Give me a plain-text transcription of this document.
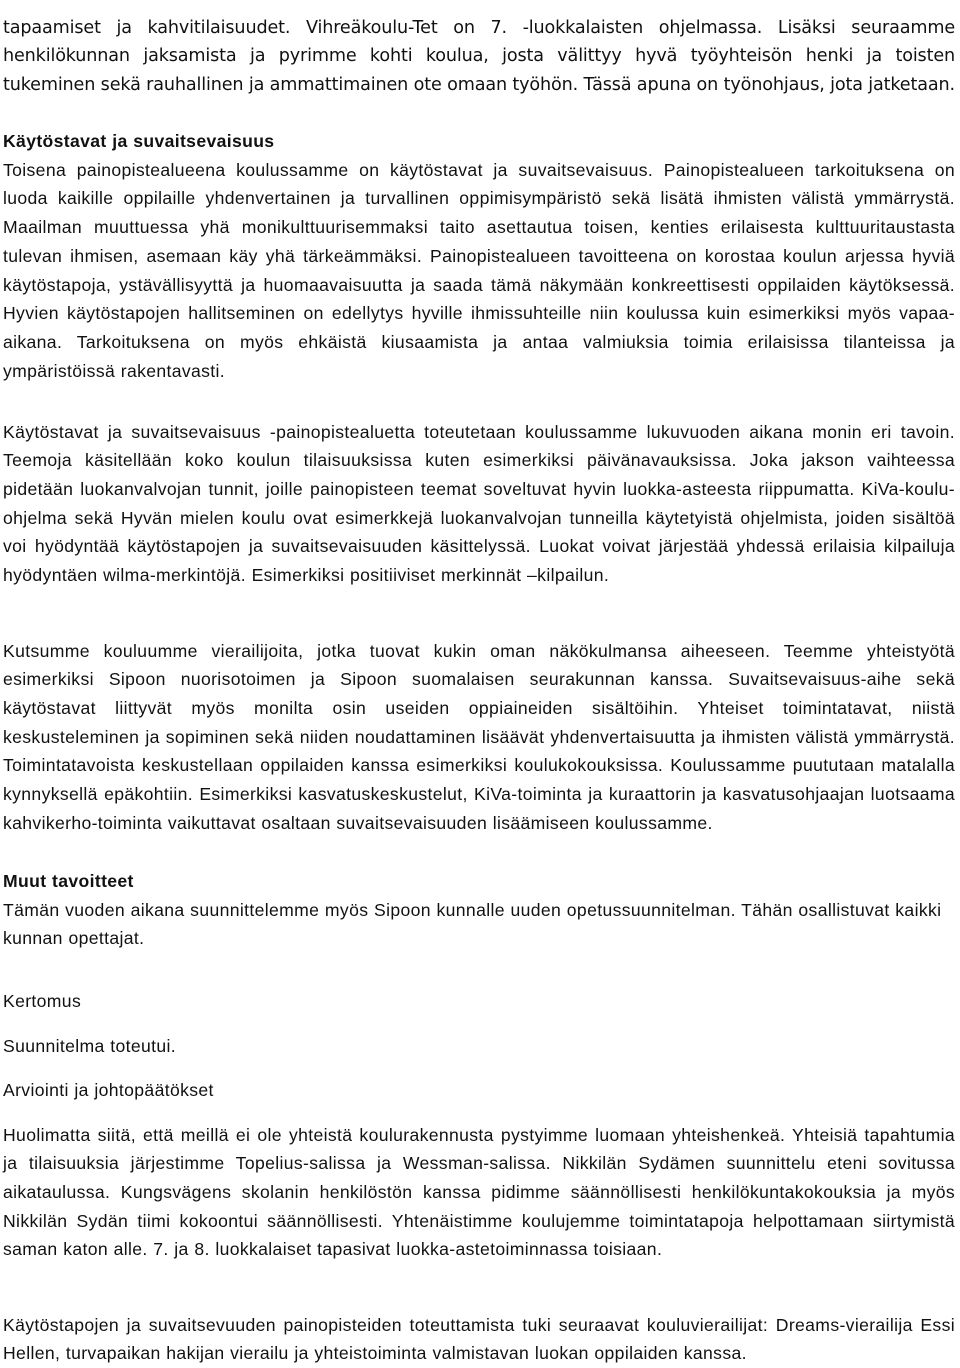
tapaamiset ja kahvitilaisuudet. Vihreäkoulu-Tet on 7. -luokkalaisten ohjelmassa. Lisäksi seuraamme henkilökunnan jaksamista ja pyrimme kohti koulua, josta välittyy hyvä työyhteisön henki ja toisten tukeminen sekä rauhallinen ja ammattimainen ote omaan työhön. Tässä apuna on työnohjaus, jota jatketaan.

Käytöstavat ja suvaitsevaisuus

Toisena painopistealueena koulussamme on käytöstavat ja suvaitsevaisuus. Painopistealueen tarkoituksena on luoda kaikille oppilaille yhdenvertainen ja turvallinen oppimisympäristö sekä lisätä ihmisten välistä ymmärrystä. Maailman muuttuessa yhä monikulttuurisemmaksi taito asettautua toisen, kenties erilaisesta kulttuuritaustasta tulevan ihmisen, asemaan käy yhä tärkeämmäksi. Painopistealueen tavoitteena on korostaa koulun arjessa hyviä käytöstapoja, ystävällisyyttä ja huomaavaisuutta ja saada tämä näkymään konkreettisesti oppilaiden käytöksessä. Hyvien käytöstapojen hallitseminen on edellytys hyville ihmissuhteille niin koulussa kuin esimerkiksi myös vapaa-aikana. Tarkoituksena on myös ehkäistä kiusaamista ja antaa valmiuksia toimia erilaisissa tilanteissa ja ympäristöissä rakentavasti.

Käytöstavat ja suvaitsevaisuus -painopistealuetta toteutetaan koulussamme lukuvuoden aikana monin eri tavoin. Teemoja käsitellään koko koulun tilaisuuksissa kuten esimerkiksi päivänavauksissa. Joka jakson vaihteessa pidetään luokanvalvojan tunnit, joille painopisteen teemat soveltuvat hyvin luokka-asteesta riippumatta. KiVa-koulu-ohjelma sekä Hyvän mielen koulu ovat esimerkkejä luokanvalvojan tunneilla käytetyistä ohjelmista, joiden sisältöä voi hyödyntää käytöstapojen ja suvaitsevaisuuden käsittelyssä. Luokat voivat järjestää yhdessä erilaisia kilpailuja hyödyntäen wilma-merkintöjä. Esimerkiksi positiiviset merkinnät –kilpailun.

Kutsumme kouluumme vierailijoita, jotka tuovat kukin oman näkökulmansa aiheeseen. Teemme yhteistyötä esimerkiksi Sipoon nuorisotoimen ja Sipoon suomalaisen seurakunnan kanssa. Suvaitsevaisuus-aihe sekä käytöstavat liittyvät myös monilta osin useiden oppiaineiden sisältöihin. Yhteiset toimintatavat, niistä keskusteleminen ja sopiminen sekä niiden noudattaminen lisäävät yhdenvertaisuutta ja ihmisten välistä ymmärrystä. Toimintatavoista keskustellaan oppilaiden kanssa esimerkiksi koulukokouksissa. Koulussamme puututaan matalalla kynnyksellä epäkohtiin. Esimerkiksi kasvatuskeskustelut, KiVa-toiminta ja kuraattorin ja kasvatusohjaajan luotsaama kahvikerho-toiminta vaikuttavat osaltaan suvaitsevaisuuden lisäämiseen koulussamme.

Muut tavoitteet

Tämän vuoden aikana suunnittelemme myös Sipoon kunnalle uuden opetussuunnitelman. Tähän osallistuvat kaikki kunnan opettajat.

Kertomus

Suunnitelma toteutui.

Arviointi ja johtopäätökset

Huolimatta siitä, että meillä ei ole yhteistä koulurakennusta pystyimme luomaan yhteishenkeä. Yhteisiä tapahtumia ja tilaisuuksia järjestimme Topelius-salissa ja Wessman-salissa. Nikkilän Sydämen suunnittelu eteni sovitussa aikataulussa. Kungsvägens skolanin henkilöstön kanssa pidimme säännöllisesti henkilökuntakokouksia ja myös Nikkilän Sydän tiimi kokoontui säännöllisesti. Yhtenäistimme koulujemme toimintatapoja helpottamaan siirtymistä saman katon alle. 7. ja 8. luokkalaiset tapasivat luokka-astetoiminnassa toisiaan.

Käytöstapojen ja suvaitsevuuden painopisteiden toteuttamista tuki seuraavat kouluvierailijat: Dreams-vierailija Essi Hellen, turvapaikan hakijan vierailu ja yhteistoiminta valmistavan luokan oppilaiden kanssa.
